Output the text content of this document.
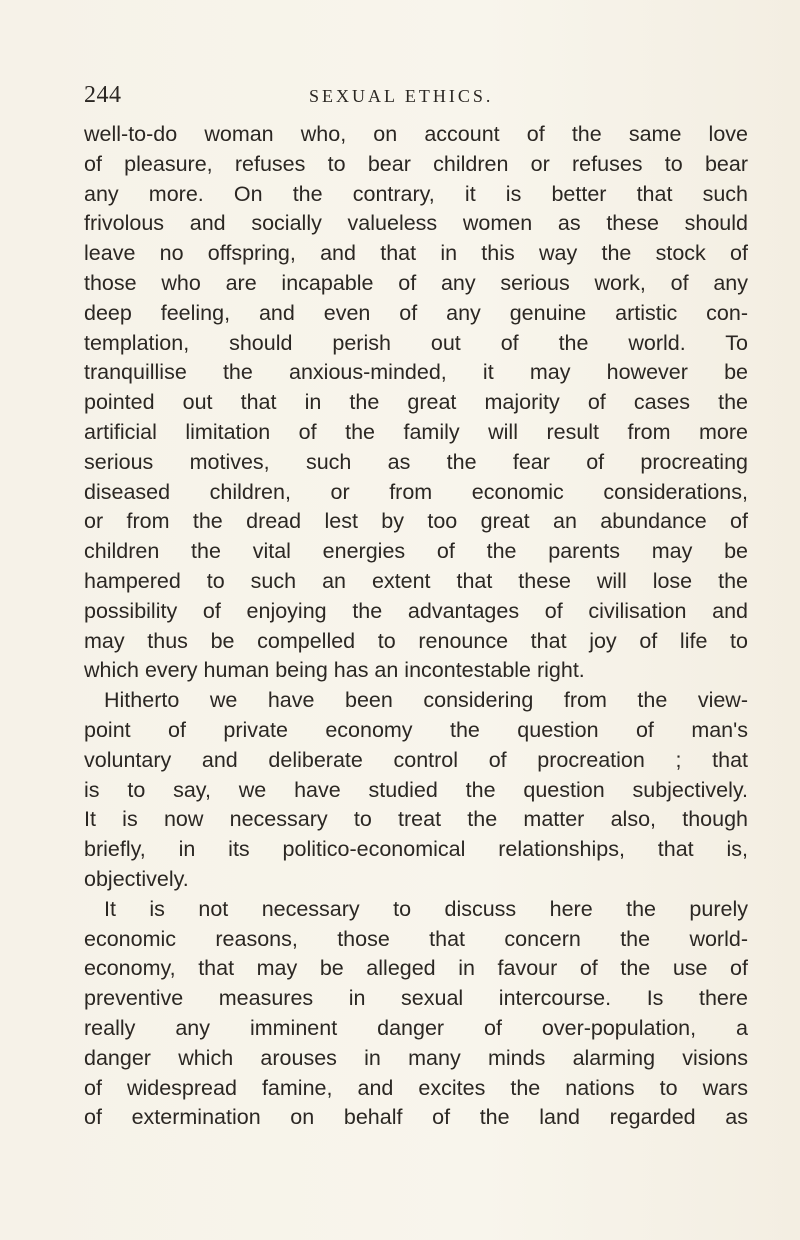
244	SEXUAL ETHICS.
well-to-do woman who, on account of the same love
of pleasure, refuses to bear children or refuses to bear
any more. On the contrary, it is better that such
frivolous and socially valueless women as these should
leave no offspring, and that in this way the stock of
those who are incapable of any serious work, of any
deep feeling, and even of any genuine artistic con-
templation, should perish out of the world. To
tranquillise the anxious-minded, it may however be
pointed out that in the great majority of cases the
artificial limitation of the family will result from more
serious motives, such as the fear of procreating
diseased children, or from economic considerations,
or from the dread lest by too great an abundance of
children the vital energies of the parents may be
hampered to such an extent that these will lose the
possibility of enjoying the advantages of civilisation and
may thus be compelled to renounce that joy of life to
which every human being has an incontestable right.
Hitherto we have been considering from the view-
point of private economy the question of man's
voluntary and deliberate control of procreation ; that
is to say, we have studied the question subjectively.
It is now necessary to treat the matter also, though
briefly, in its politico-economical relationships, that is,
objectively.
It is not necessary to discuss here the purely
economic reasons, those that concern the world-
economy, that may be alleged in favour of the use of
preventive measures in sexual intercourse. Is there
really any imminent danger of over-population, a
danger which arouses in many minds alarming visions
of widespread famine, and excites the nations to wars
of extermination on behalf of the land regarded as
